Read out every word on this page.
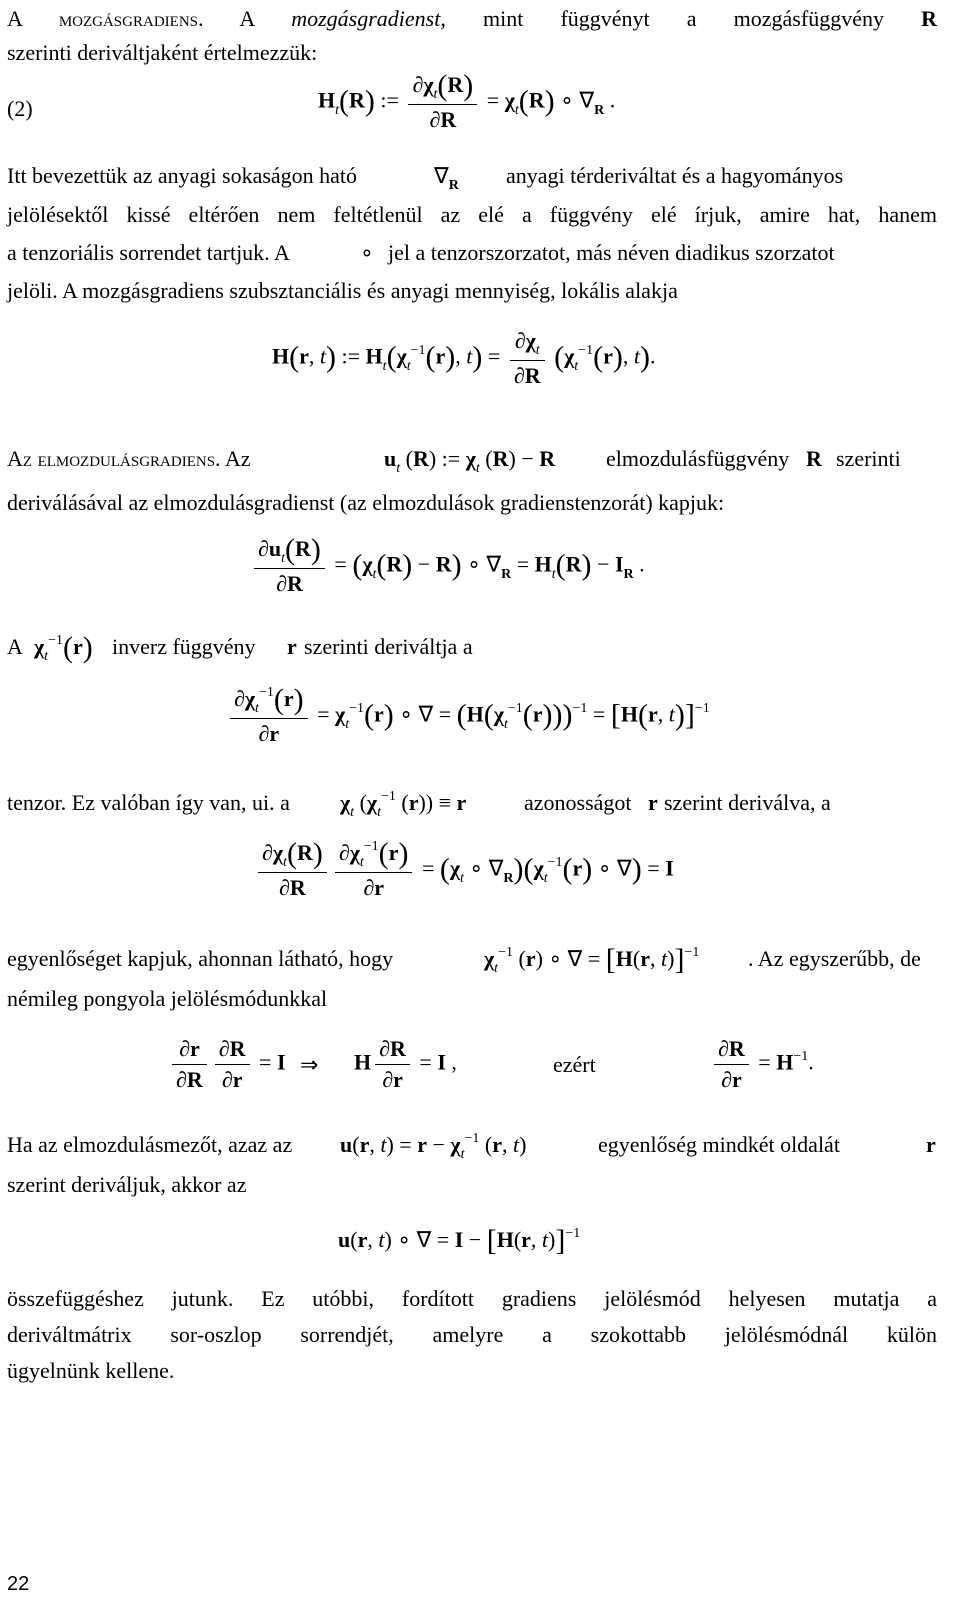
A mozgásgradiens. A mozgásgradienst, mint függvényt a mozgásfüggvény R
szerinti deriváltjaként értelmezzük:
(2)	$H_t(R)$ := $\frac{\partial\chi_t(R)}{\partial R} = \chi_t(R)$ ∘ $\nabla_R$ .
Itt bevezettük az anyagi sokaságon ható	$\nabla_R$ anyagi térderiváltat és a hagyományos
jelölésektől kissé eltérően nem feltétlenül az elé a függvény elé írjuk, amire hat, hanem
a tenzoriális sorrendet tartjuk. A	∘ jel a tenzorszorzatot, más néven diadikus szorzatot
jelöli. A mozgásgradiens szubsztanciális és anyagi mennyiség, lokális alakja
H(r, t) := $H_t(\chi_t^{-1}(r)$, $t) = \frac{\partial\chi_t}{\partial R} (\chi_t^{-1}(r)$, t).
Az elmozdulásgradiens. Az	$u_t$ (R) := $\chi_t$ (R) − R elmozdulásfüggvény R szerinti
deriválásával az elmozdulásgradienst (az elmozdulások gradienstenzorát) kapjuk:
$\frac{\partial u_t(R)}{\partial R} = (\chi_t(R) - R)$ ∘ $\nabla_R = H_t(R) - I_R$ .
A $\chi_t^{-1}(r)$ inverz függvény r szerinti deriváltja a
$\frac{\partial\chi_t^{-1}(r)}{\partial r} = \chi_t^{-1}(r)$ ∘ ∇ = $(H(\chi_t^{-1}(r)))^{-1} = [H(r$, t)]$^{-1}$
tenzor. Ez valóban így van, ui. a $\chi_t$ ($\chi_t^{-1}$ (r)) ≡ r	azonosságot r szerint deriválva, a
$\frac{\partial\chi_t(R)}{\partial R} \frac{\partial\chi_t^{-1}(r)}{\partial r} = (\chi_t$ ∘ $\nabla_R)(\chi_t^{-1}(r)$ ∘ ∇) = I
egyenlőséget kapjuk, ahonnan látható, hogy	$\chi_t^{-1}$ (r) ∘ ∇ = [H(r, t)]$^{-1}$ . Az egyszerűbb, de
némileg pongyola jelölésmódunkkal
$\frac{\partial r}{\partial R} \frac{\partial R}{\partial r} = I$ ⇒ H $\frac{\partial R}{\partial r} = I$ ,	ezért	$\frac{\partial R}{\partial r} = H^{-1}$.
Ha az elmozdulásmezőt, azaz az u(r, $t) = r - \chi_t^{-1}$ (r, t)	egyenlőség mindkét oldalát	r
szerint deriváljuk, akkor az
u(r, t) ∘ ∇ = I − [H(r, t)]$^{-1}$
összefüggéshez jutunk. Ez utóbbi, fordított gradiens jelölésmód helyesen mutatja a
deriváltmátrix sor-oszlop sorrendjét, amelyre a szokottabb jelölésmódnál külön
ügyelnünk kellene.
22
